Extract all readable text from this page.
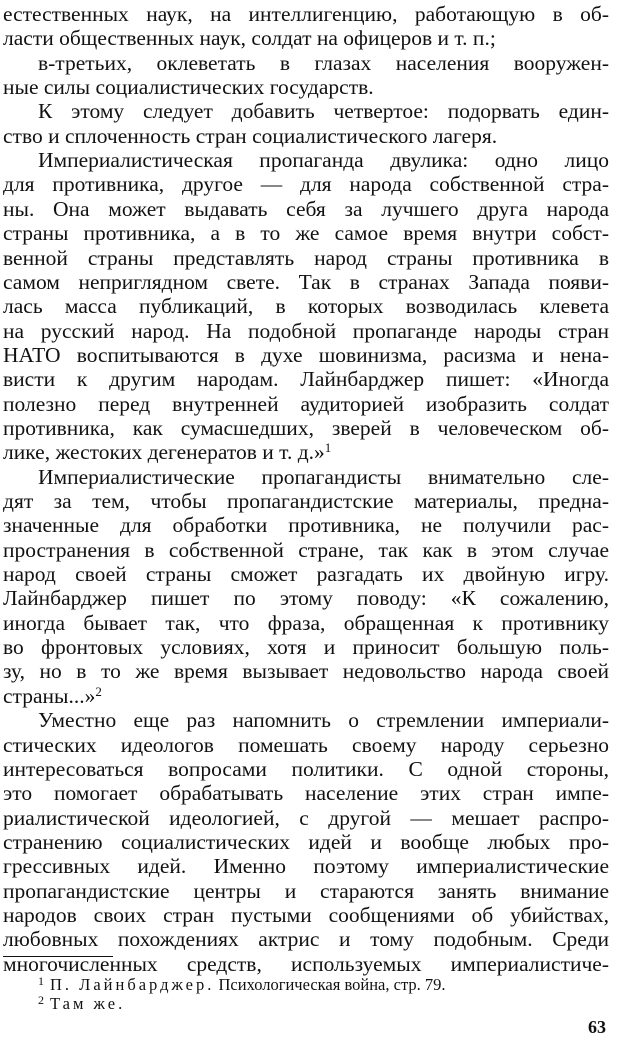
естественных наук, на интеллигенцию, работающую в об-
ласти общественных наук, солдат на офицеров и т. п.;
в-третьих, оклеветать в глазах населения вооружен-
ные силы социалистических государств.
К этому следует добавить четвертое: подорвать един-
ство и сплоченность стран социалистического лагеря.
Империалистическая пропаганда двулика: одно лицо
для противника, другое — для народа собственной стра-
ны. Она может выдавать себя за лучшего друга народа
страны противника, а в то же самое время внутри собст-
венной страны представлять народ страны противника в
самом неприглядном свете. Так в странах Запада появи-
лась масса публикаций, в которых возводилась клевета
на русский народ. На подобной пропаганде народы стран
НАТО воспитываются в духе шовинизма, расизма и нена-
висти к другим народам. Лайнбарджер пишет: «Иногда
полезно перед внутренней аудиторией изобразить солдат
противника, как сумасшедших, зверей в человеческом об-
лике, жестоких дегенератов и т. д.»$^1$
Империалистические пропагандисты внимательно сле-
дят за тем, чтобы пропагандистские материалы, предна-
значенные для обработки противника, не получили рас-
пространения в собственной стране, так как в этом случае
народ своей страны сможет разгадать их двойную игру.
Лайнбарджер пишет по этому поводу: «К сожалению,
иногда бывает так, что фраза, обращенная к противнику
во фронтовых условиях, хотя и приносит большую поль-
зу, но в то же время вызывает недовольство народа своей
страны...»$^2$
Уместно еще раз напомнить о стремлении империали-
стических идеологов помешать своему народу серьезно
интересоваться вопросами политики. С одной стороны,
это помогает обрабатывать население этих стран импе-
риалистической идеологией, с другой — мешает распро-
странению социалистических идей и вообще любых про-
грессивных идей. Именно поэтому империалистические
пропагандистские центры и стараются занять внимание
народов своих стран пустыми сообщениями об убийствах,
любовных похождениях актрис и тому подобным. Среди
многочисленных средств, используемых империалистиче-
$^1$ П. Лайнбарджер. Психологическая война, стр. 79.
$^2$ Там же.
63
